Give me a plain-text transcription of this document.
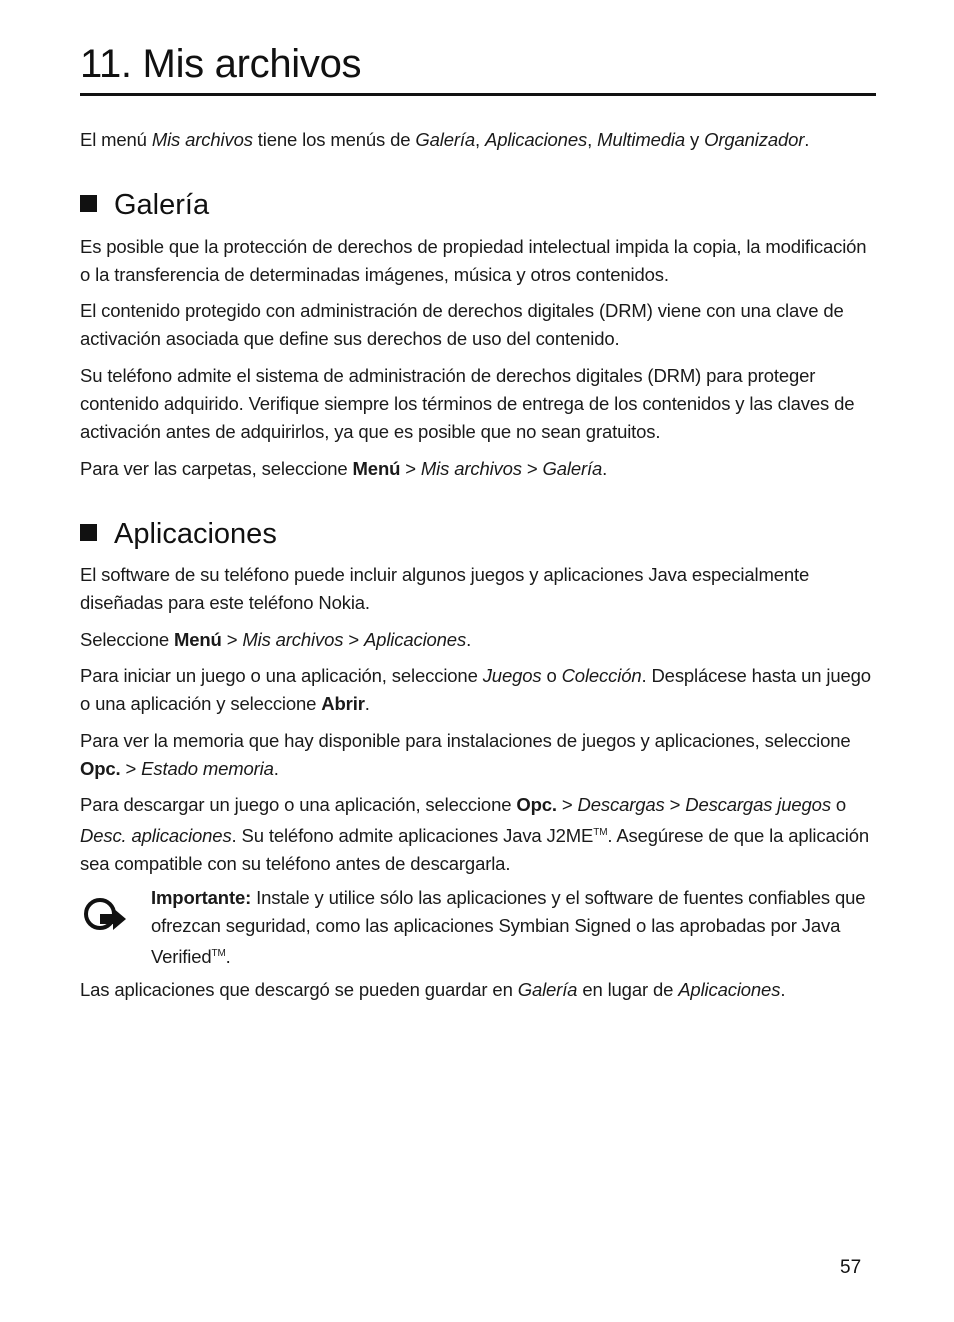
11. Mis archivos

El menú Mis archivos tiene los menús de Galería, Aplicaciones, Multimedia y Organizador.

Galería

Es posible que la protección de derechos de propiedad intelectual impida la copia, la modificación o la transferencia de determinadas imágenes, música y otros contenidos.

El contenido protegido con administración de derechos digitales (DRM) viene con una clave de activación asociada que define sus derechos de uso del contenido.

Su teléfono admite el sistema de administración de derechos digitales (DRM) para proteger contenido adquirido. Verifique siempre los términos de entrega de los contenidos y las claves de activación antes de adquirirlos, ya que es posible que no sean gratuitos.

Para ver las carpetas, seleccione Menú > Mis archivos > Galería.

Aplicaciones

El software de su teléfono puede incluir algunos juegos y aplicaciones Java especialmente diseñadas para este teléfono Nokia.

Seleccione Menú > Mis archivos > Aplicaciones.

Para iniciar un juego o una aplicación, seleccione Juegos o Colección. Desplácese hasta un juego o una aplicación y seleccione Abrir.

Para ver la memoria que hay disponible para instalaciones de juegos y aplicaciones, seleccione Opc. > Estado memoria.

Para descargar un juego o una aplicación, seleccione Opc. > Descargas > Descargas juegos o Desc. aplicaciones. Su teléfono admite aplicaciones Java J2ME™. Asegúrese de que la aplicación sea compatible con su teléfono antes de descargarla.

Importante: Instale y utilice sólo las aplicaciones y el software de fuentes confiables que ofrezcan seguridad, como las aplicaciones Symbian Signed o las aprobadas por Java Verified™.

Las aplicaciones que descargó se pueden guardar en Galería en lugar de Aplicaciones.

57
